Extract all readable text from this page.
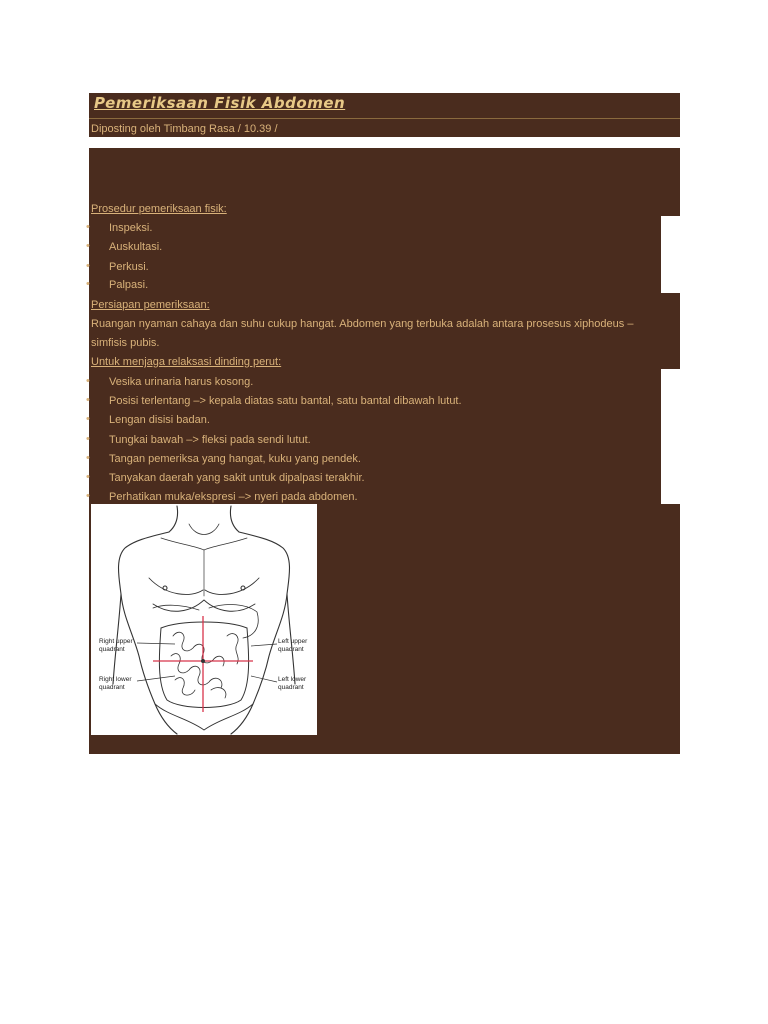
Pemeriksaan Fisik Abdomen
Diposting oleh Timbang Rasa / 10.39 /
Prosedur pemeriksaan fisik:
• Inspeksi.
• Auskultasi.
• Perkusi.
• Palpasi.
Persiapan pemeriksaan:
Ruangan nyaman cahaya dan suhu cukup hangat. Abdomen yang terbuka adalah antara prosesus xiphodeus –
simfisis pubis.
Untuk menjaga relaksasi dinding perut:
• Vesika urinaria harus kosong.
• Posisi terlentang –> kepala diatas satu bantal, satu bantal dibawah lutut.
• Lengan disisi badan.
• Tungkai bawah –> fleksi pada sendi lutut.
• Tangan pemeriksa yang hangat, kuku yang pendek.
• Tanyakan daerah yang sakit untuk dipalpasi terakhir.
• Perhatikan muka/ekspresi –> nyeri pada abdomen.
Right upper
quadrant
Right lower
quadrant
Left upper
quadrant
Left lower
quadrant
